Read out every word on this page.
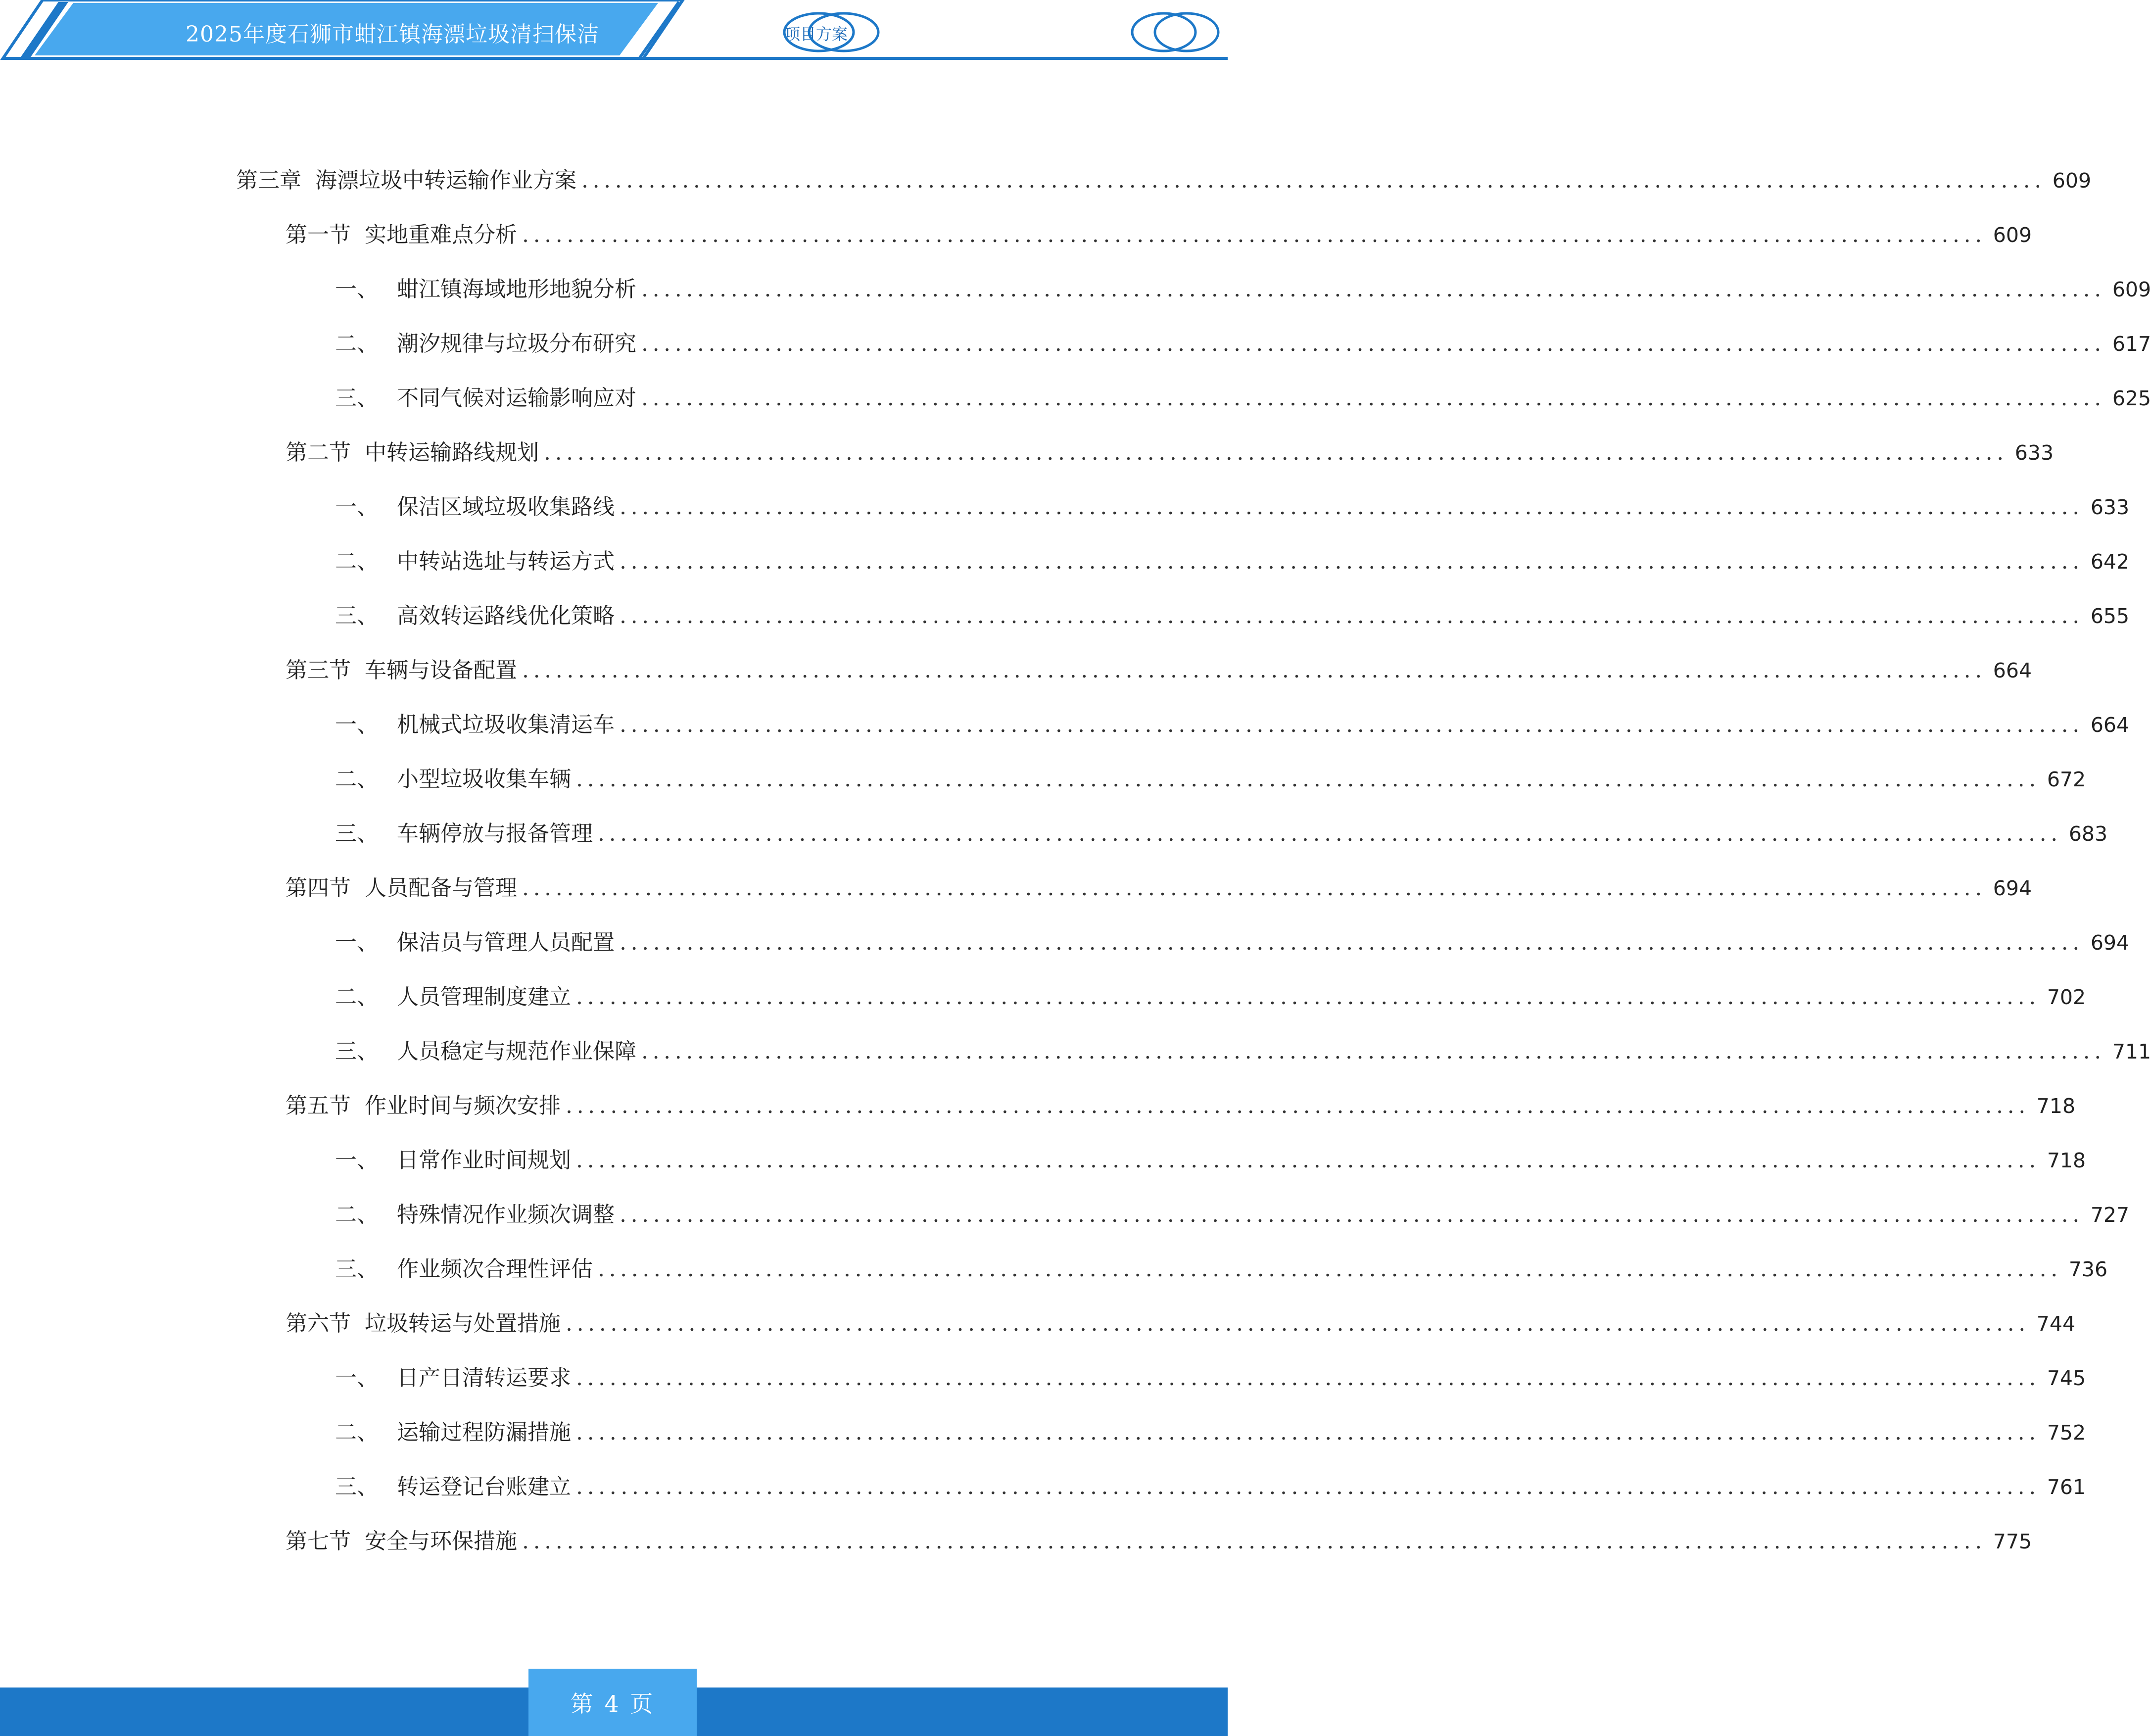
2025年度石狮市蚶江镇海漂垃圾清扫保洁	项目方案
第三章  海漂垃圾中转运输作业方案 ................................................................................................................................... 609
第一节  实地重难点分析 ................................................................................................................................... 609
一、 蚶江镇海域地形地貌分析 ................................................................................................................................... 609
二、 潮汐规律与垃圾分布研究 ................................................................................................................................... 617
三、 不同气候对运输影响应对 ................................................................................................................................... 625
第二节  中转运输路线规划 ................................................................................................................................... 633
一、 保洁区域垃圾收集路线 ................................................................................................................................... 633
二、 中转站选址与转运方式 ................................................................................................................................... 642
三、 高效转运路线优化策略 ................................................................................................................................... 655
第三节  车辆与设备配置 ................................................................................................................................... 664
一、 机械式垃圾收集清运车 ................................................................................................................................... 664
二、 小型垃圾收集车辆 ................................................................................................................................... 672
三、 车辆停放与报备管理 ................................................................................................................................... 683
第四节  人员配备与管理 ................................................................................................................................... 694
一、 保洁员与管理人员配置 ................................................................................................................................... 694
二、 人员管理制度建立 ................................................................................................................................... 702
三、 人员稳定与规范作业保障 ................................................................................................................................... 711
第五节  作业时间与频次安排 ................................................................................................................................... 718
一、 日常作业时间规划 ................................................................................................................................... 718
二、 特殊情况作业频次调整 ................................................................................................................................... 727
三、 作业频次合理性评估 ................................................................................................................................... 736
第六节  垃圾转运与处置措施 ................................................................................................................................... 744
一、 日产日清转运要求 ................................................................................................................................... 745
二、 运输过程防漏措施 ................................................................................................................................... 752
三、 转运登记台账建立 ................................................................................................................................... 761
第七节  安全与环保措施 ................................................................................................................................... 775
第 4 页
